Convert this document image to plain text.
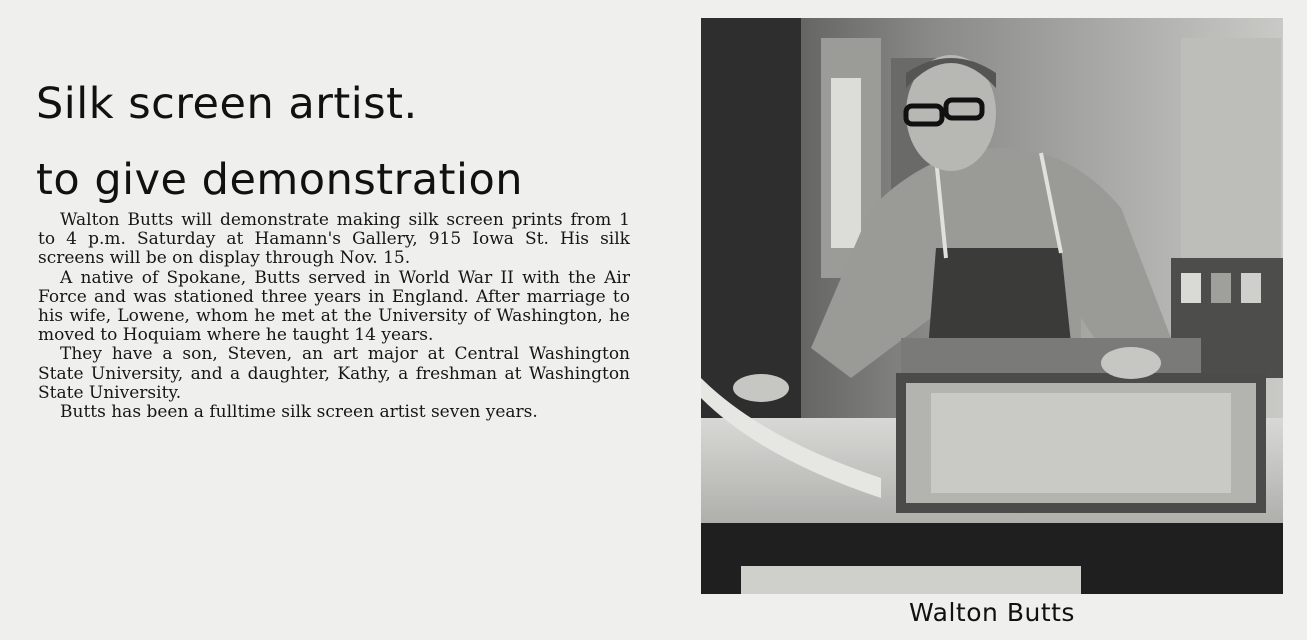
Silk screen artist.
to give demonstration

Walton Butts will demonstrate making silk screen prints from 1 to 4 p.m. Saturday at Hamann's Gallery, 915 Iowa St. His silk screens will be on display through Nov. 15.

A native of Spokane, Butts served in World War II with the Air Force and was stationed three years in England. After marriage to his wife, Lowene, whom he met at the University of Washington, he moved to Hoquiam where he taught 14 years.

They have a son, Steven, an art major at Central Washington State University, and a daughter, Kathy, a freshman at Washington State University.

Butts has been a fulltime silk screen artist seven years.

Walton Butts
